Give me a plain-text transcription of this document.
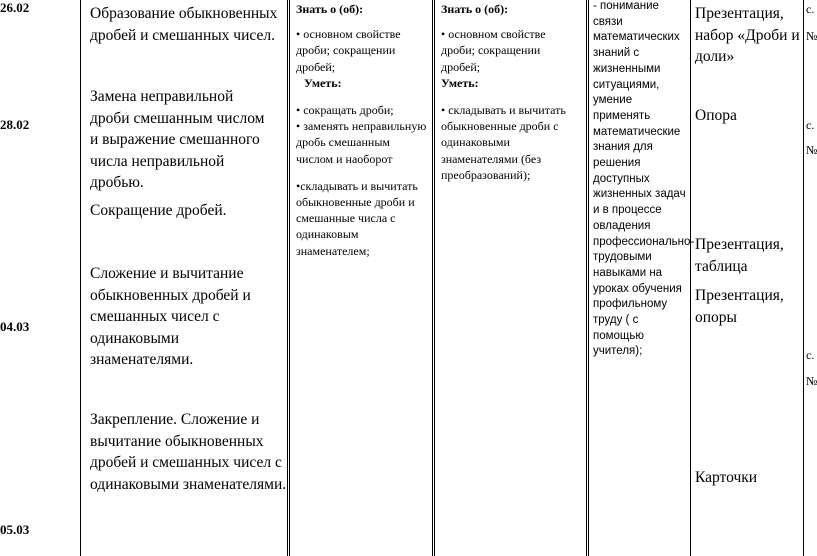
26.02
28.02
04.03
05.03
Образование обыкновенных дробей и смешанных чисел.
Замена неправильной дроби смешанным числом и выражение смешанного числа неправильной дробью.
Сокращение дробей.
Сложение и вычитание обыкновенных дробей и смешанных чисел с одинаковыми знаменателями.
Закрепление. Сложение и вычитание обыкновенных дробей и смешанных чисел с одинаковыми знаменателями.
Знать о (об):
• основном свойстве дроби; сокращении дробей;
Уметь:
• сокращать дроби;
• заменять неправильную дробь смешанным числом и наоборот
•складывать и вычитать обыкновенные дроби и смешанные числа с одинаковым знаменателем;
Знать о (об):
• основном свойстве дроби; сокращении дробей;
Уметь:
• складывать и вычитать обыкновенные дроби с одинаковыми знаменателями (без преобразований);
- понимание связи математических знаний с жизненными ситуациями, умение применять математические знания для решения доступных жизненных задач и в процессе овладения профессионально-трудовыми навыками на уроках обучения профильному труду ( с помощью учителя);
Презентация, набор «Дроби и доли»
Опора
Презентация, таблица
Презентация, опоры
Карточки
с.
№
с.
№
с.
№
